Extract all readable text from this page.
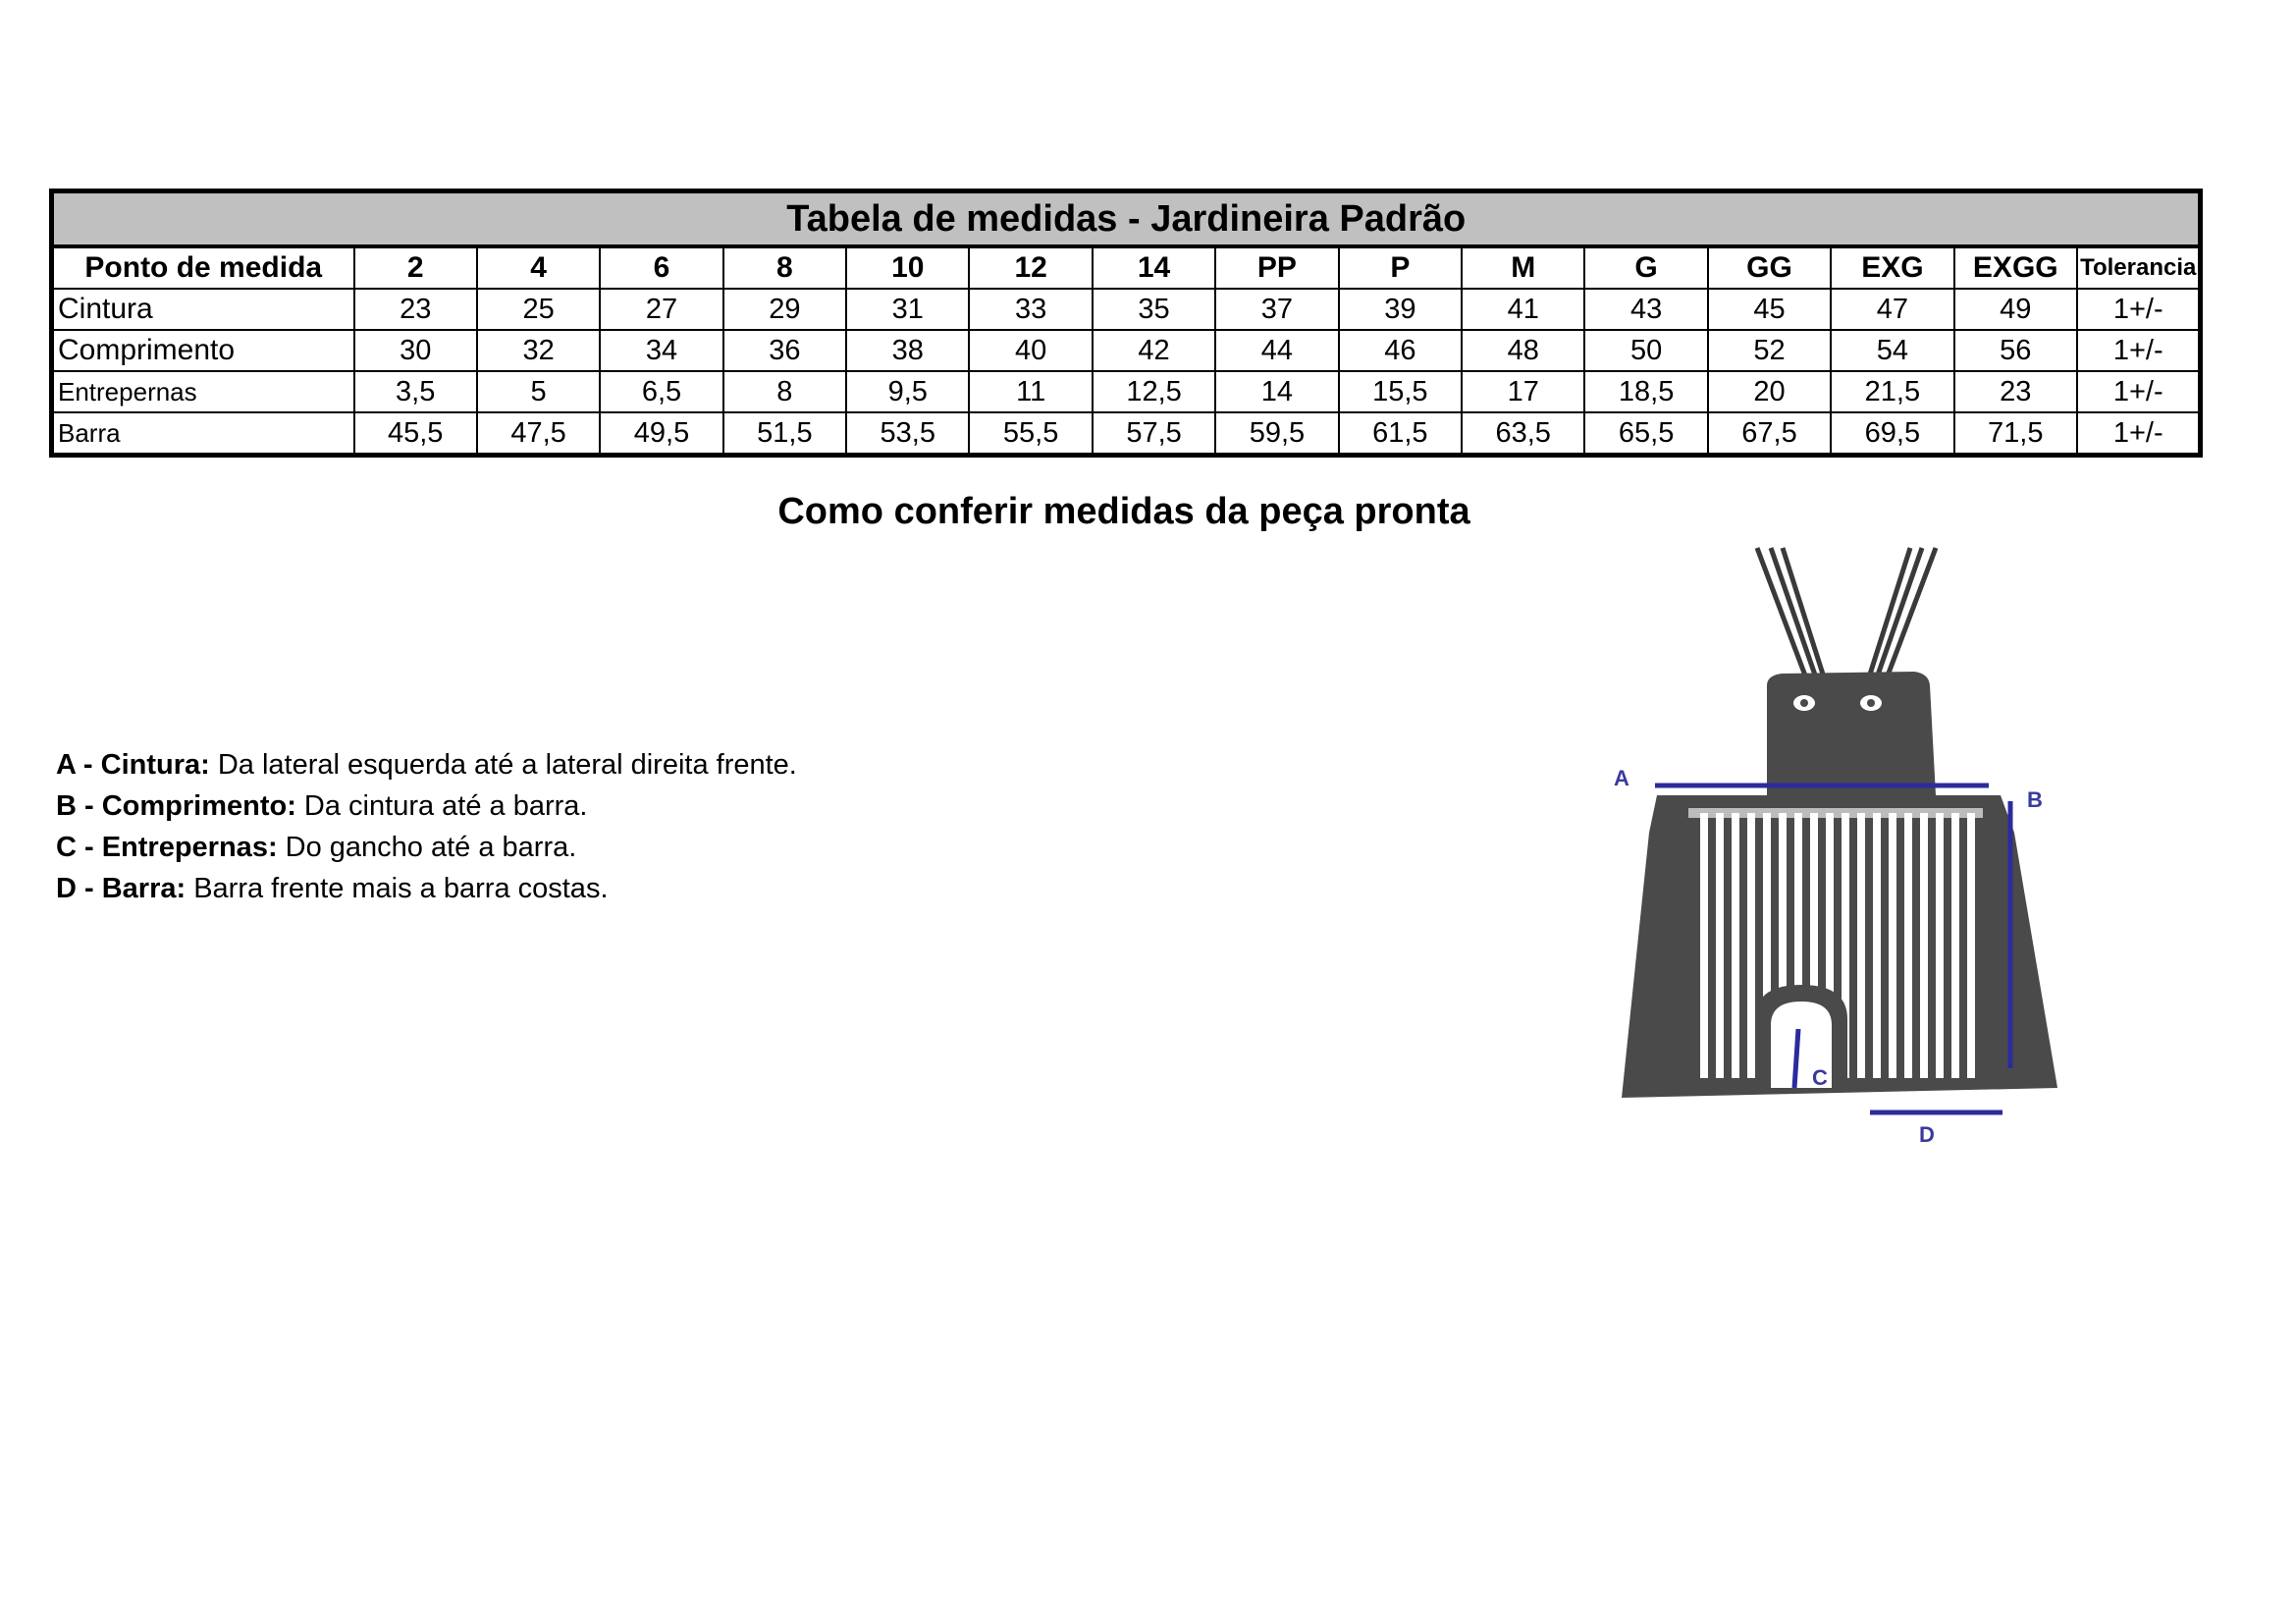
Tabela de medidas - Jardineira Padrão															
Ponto de medida	2	4	6	8	10	12	14	PP	P	M	G	GG	EXG	EXGG	Tolerancia
Cintura	23	25	27	29	31	33	35	37	39	41	43	45	47	49	1+/-
Comprimento	30	32	34	36	38	40	42	44	46	48	50	52	54	56	1+/-
Entrepernas	3,5	5	6,5	8	9,5	11	12,5	14	15,5	17	18,5	20	21,5	23	1+/-
Barra	45,5	47,5	49,5	51,5	53,5	55,5	57,5	59,5	61,5	63,5	65,5	67,5	69,5	71,5	1+/-
Como conferir medidas da peça pronta
A - Cintura: Da lateral esquerda até a lateral direita frente.
B - Comprimento: Da cintura até a barra.
C - Entrepernas: Do gancho até a barra.
D - Barra: Barra frente mais a barra costas.
A
B
C
D
